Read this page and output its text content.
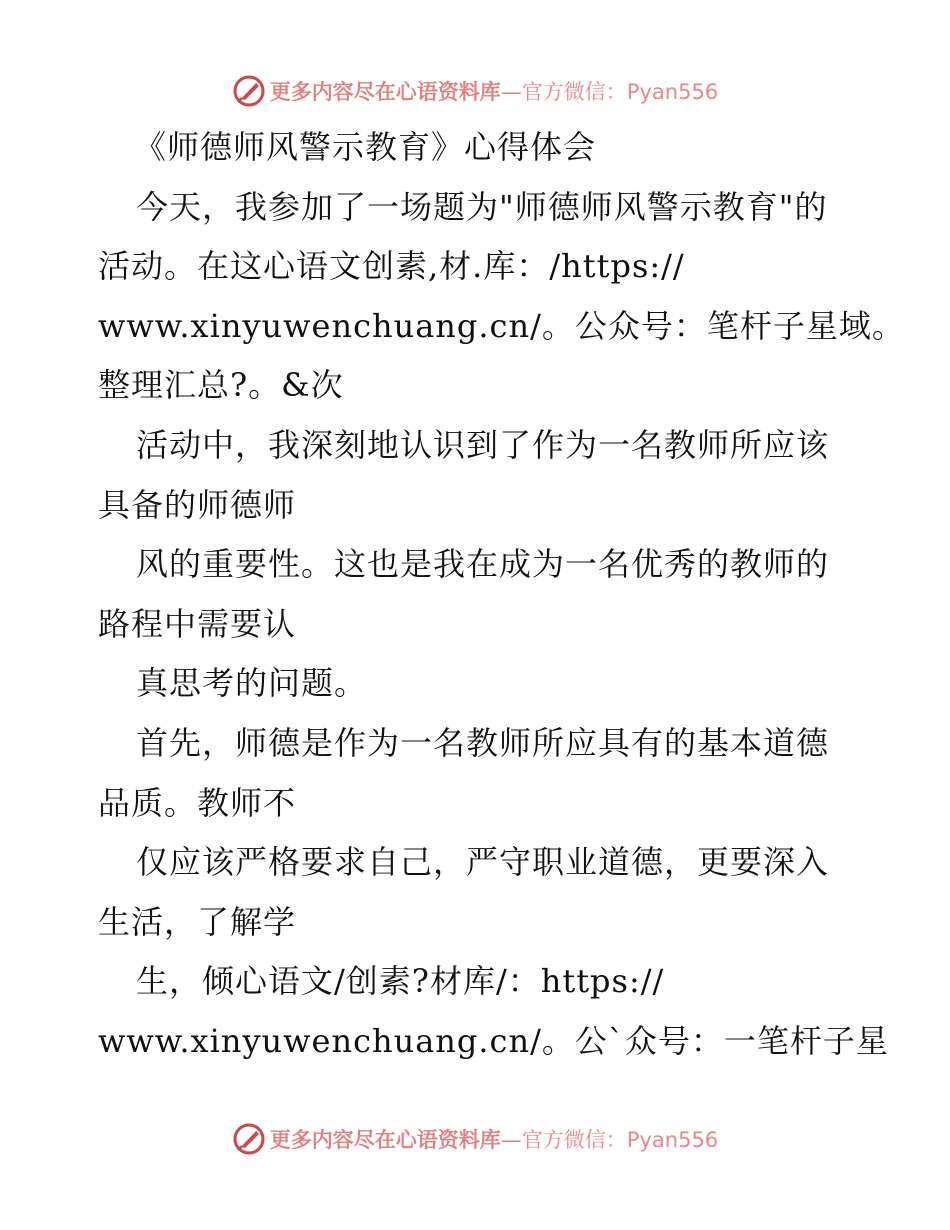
更多内容尽在心语资料库—官方微信：Pyan556
《师德师风警示教育》心得体会
今天，我参加了一场题为"师德师风警示教育"的
活动。在这心语文创素,材.库：/https://
www.xinyuwenchuang.cn/。公众号：笔杆子星域。
整理汇总?。&次
活动中，我深刻地认识到了作为一名教师所应该
具备的师德师
风的重要性。这也是我在成为一名优秀的教师的
路程中需要认
真思考的问题。
首先，师德是作为一名教师所应具有的基本道德
品质。教师不
仅应该严格要求自己，严守职业道德，更要深入
生活，了解学
生，倾心语文/创素?材库/：https://
www.xinyuwenchuang.cn/。公`众号：一笔杆子星
更多内容尽在心语资料库—官方微信：Pyan556
